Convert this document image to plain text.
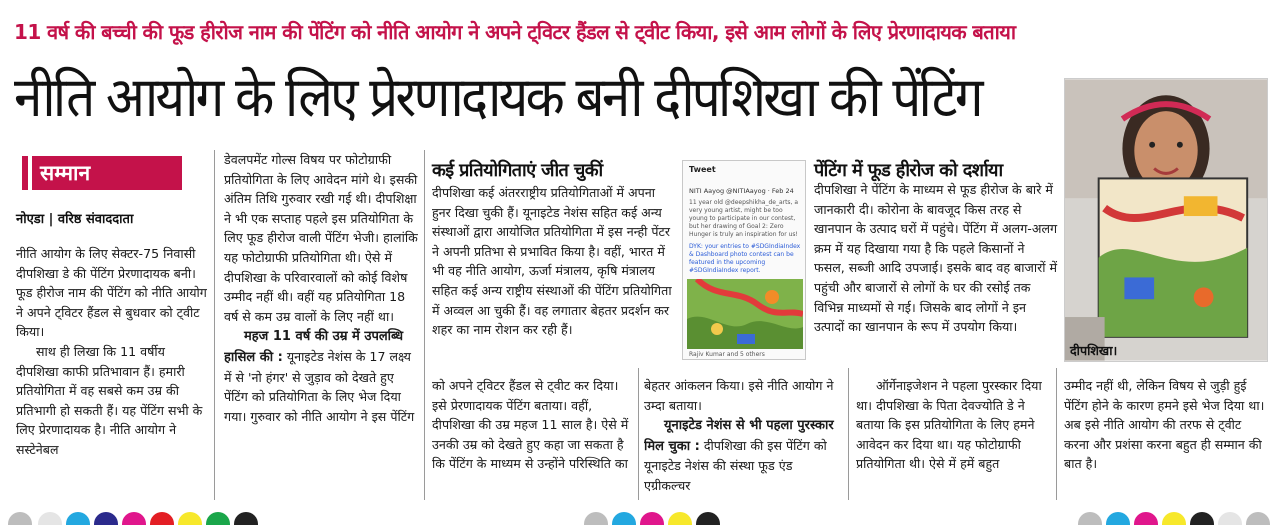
11 वर्ष की बच्ची की फूड हीरोज नाम की पेंटिंग को नीति आयोग ने अपने ट्विटर हैंडल से ट्वीट किया, इसे आम लोगों के लिए प्रेरणादायक बताया
नीति आयोग के लिए प्रेरणादायक बनी दीपशिखा की पेंटिंग
सम्मान
नोएडा | वरिष्ठ संवाददाता

नीति आयोग के लिए सेक्टर-75 निवासी दीपशिखा डे की पेंटिंग प्रेरणादायक बनी। फूड हीरोज नाम की पेंटिंग को नीति आयोग ने अपने ट्विटर हैंडल से बुधवार को ट्वीट किया।

साथ ही लिखा कि 11 वर्षीय दीपशिखा काफी प्रतिभावान हैं। हमारी प्रतियोगिता में वह सबसे कम उम्र की प्रतिभागी हो सकती हैं। यह पेंटिंग सभी के लिए प्रेरणादायक है। नीति आयोग ने सस्टेनेबल

डेवलपमेंट गोल्स विषय पर फोटोग्राफी प्रतियोगिता के लिए आवेदन मांगे थे। इसकी अंतिम तिथि गुरुवार रखी गई थी। दीपशिक्षा ने भी एक सप्ताह पहले इस प्रतियोगिता के लिए फूड हीरोज वाली पेंटिंग भेजी। हालांकि यह फोटोग्राफी प्रतियोगिता थी। ऐसे में दीपशिखा के परिवारवालों को कोई विशेष उम्मीद नहीं थी। वहीं यह प्रतियोगिता 18 वर्ष से कम उम्र वालों के लिए नहीं था।

महज 11 वर्ष की उम्र में उपलब्धि हासिल की : यूनाइटेड नेशंस के 17 लक्ष्य में से 'नो हंगर' से जुड़ाव को देखते हुए पेंटिंग को प्रतियोगिता के लिए भेज दिया गया। गुरुवार को नीति आयोग ने इस पेंटिंग

कई प्रतियोगिताएं जीत चुकीं

दीपशिखा कई अंतरराष्ट्रीय प्रतियोगिताओं में अपना हुनर दिखा चुकी हैं। यूनाइटेड नेशंस सहित कई अन्य संस्थाओं द्वारा आयोजित प्रतियोगिता में इस नन्ही पेंटर ने अपनी प्रतिभा से प्रभावित किया है। वहीं, भारत में भी वह नीति आयोग, ऊर्जा मंत्रालय, कृषि मंत्रालय सहित कई अन्य राष्ट्रीय संस्थाओं की पेंटिंग प्रतियोगिता में अव्वल आ चुकी हैं। वह लगातार बेहतर प्रदर्शन कर शहर का नाम रोशन कर रही हैं।

Tweet
NITI Aayog @NITIAayog · Feb 24
11 year old @deepshikha_de_arts, a very young artist, might be too young to participate in our contest, but her drawing of Goal 2: Zero Hunger is truly an inspiration for us!
DYK: your entries to #SDGIndiaIndex & Dashboard photo contest can be featured in the upcoming #SDGIndiaIndex report.
Rajiv Kumar and 5 others
पेंटिंग में फूड हीरोज को दर्शाया

दीपशिखा ने पेंटिंग के माध्यम से फूड हीरोज के बारे में जानकारी दी। कोरोना के बावजूद किस तरह से खानपान के उत्पाद घरों में पहुंचे। पेंटिंग में अलग-अलग क्रम में यह दिखाया गया है कि पहले किसानों ने फसल, सब्जी आदि उपजाई। इसके बाद वह बाजारों में पहुंची और बाजारों से लोगों के घर की रसोई तक विभिन्न माध्यमों से गई। जिसके बाद लोगों ने इन उत्पादों का खानपान के रूप में उपयोग किया।

दीपशिखा।

को अपने ट्विटर हैंडल से ट्वीट कर दिया। इसे प्रेरणादायक पेंटिंग बताया। वहीं, दीपशिखा की उम्र महज 11 साल है। ऐसे में उनकी उम्र को देखते हुए कहा जा सकता है कि पेंटिंग के माध्यम से उन्होंने परिस्थिति का

बेहतर आंकलन किया। इसे नीति आयोग ने उम्दा बताया।

यूनाइटेड नेशंस से भी पहला पुरस्कार मिल चुका : दीपशिखा की इस पेंटिंग को यूनाइटेड नेशंस की संस्था फूड एंड एग्रीकल्चर

ऑर्गेनाइजेशन ने पहला पुरस्कार दिया था। दीपशिखा के पिता देवज्योति डे ने बताया कि इस प्रतियोगिता के लिए हमने आवेदन कर दिया था। यह फोटोग्राफी प्रतियोगिता थी। ऐसे में हमें बहुत

उम्मीद नहीं थी, लेकिन विषय से जुड़ी हुई पेंटिंग होने के कारण हमने इसे भेज दिया था। अब इसे नीति आयोग की तरफ से ट्वीट करना और प्रशंसा करना बहुत ही सम्मान की बात है।
